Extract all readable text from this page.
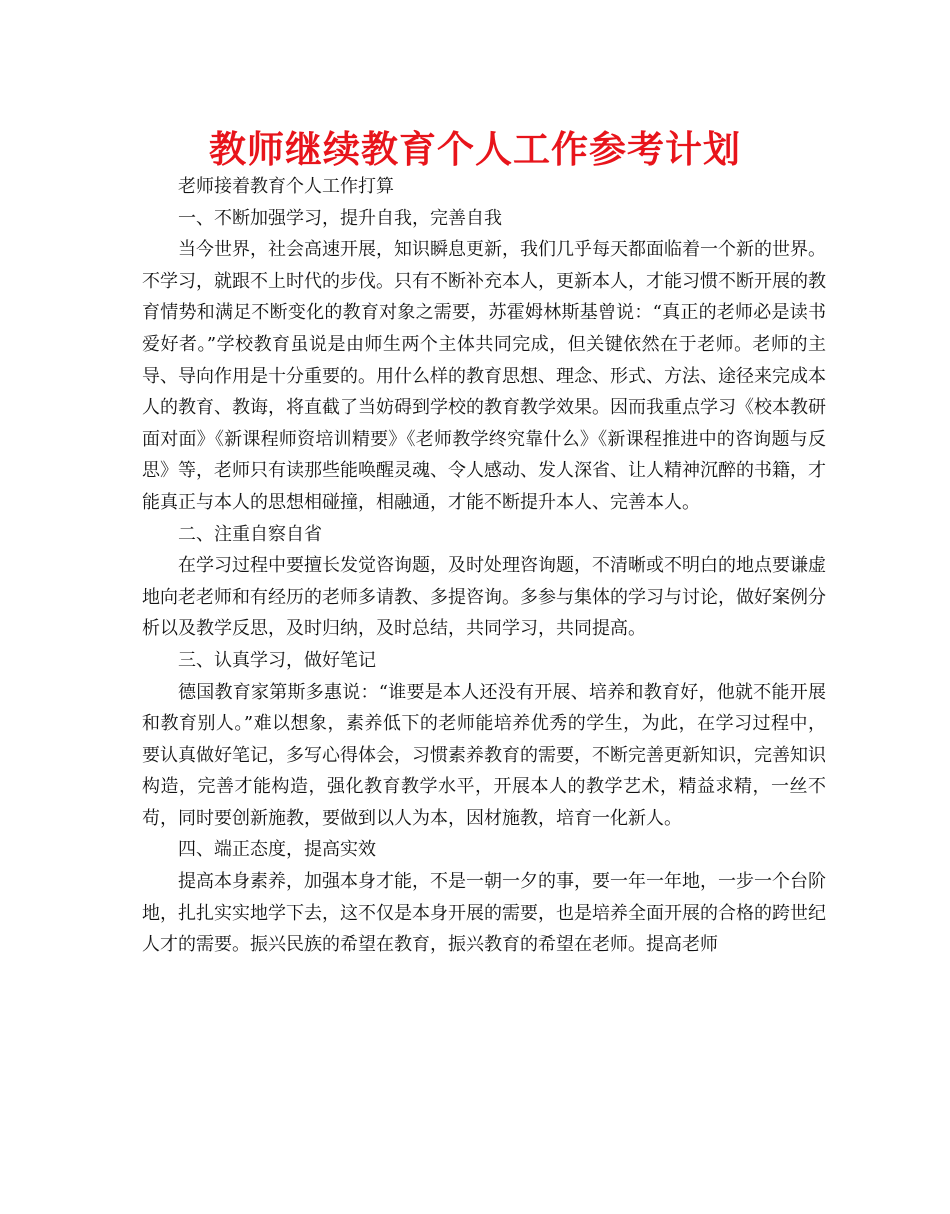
教师继续教育个人工作参考计划

老师接着教育个人工作打算

一、不断加强学习，提升自我，完善自我

当今世界，社会高速开展，知识瞬息更新，我们几乎每天都面临着一个新的世界。不学习，就跟不上时代的步伐。只有不断补充本人，更新本人，才能习惯不断开展的教育情势和满足不断变化的教育对象之需要，苏霍姆林斯基曾说：“真正的老师必是读书爱好者。”学校教育虽说是由师生两个主体共同完成，但关键依然在于老师。老师的主导、导向作用是十分重要的。用什么样的教育思想、理念、形式、方法、途径来完成本人的教育、教诲，将直截了当妨碍到学校的教育教学效果。因而我重点学习《校本教研面对面》《新课程师资培训精要》《老师教学终究靠什么》《新课程推进中的咨询题与反思》等，老师只有读那些能唤醒灵魂、令人感动、发人深省、让人精神沉醉的书籍，才能真正与本人的思想相碰撞，相融通，才能不断提升本人、完善本人。

二、注重自察自省

在学习过程中要擅长发觉咨询题，及时处理咨询题，不清晰或不明白的地点要谦虚地向老老师和有经历的老师多请教、多提咨询。多参与集体的学习与讨论，做好案例分析以及教学反思，及时归纳，及时总结，共同学习，共同提高。

三、认真学习，做好笔记

德国教育家第斯多惠说：“谁要是本人还没有开展、培养和教育好，他就不能开展和教育别人。”难以想象，素养低下的老师能培养优秀的学生，为此，在学习过程中，要认真做好笔记，多写心得体会，习惯素养教育的需要，不断完善更新知识，完善知识构造，完善才能构造，强化教育教学水平，开展本人的教学艺术，精益求精，一丝不苟，同时要创新施教，要做到以人为本，因材施教，培育一化新人。

四、端正态度，提高实效

提高本身素养，加强本身才能，不是一朝一夕的事，要一年一年地，一步一个台阶地，扎扎实实地学下去，这不仅是本身开展的需要，也是培养全面开展的合格的跨世纪人才的需要。振兴民族的希望在教育，振兴教育的希望在老师。提高老师
